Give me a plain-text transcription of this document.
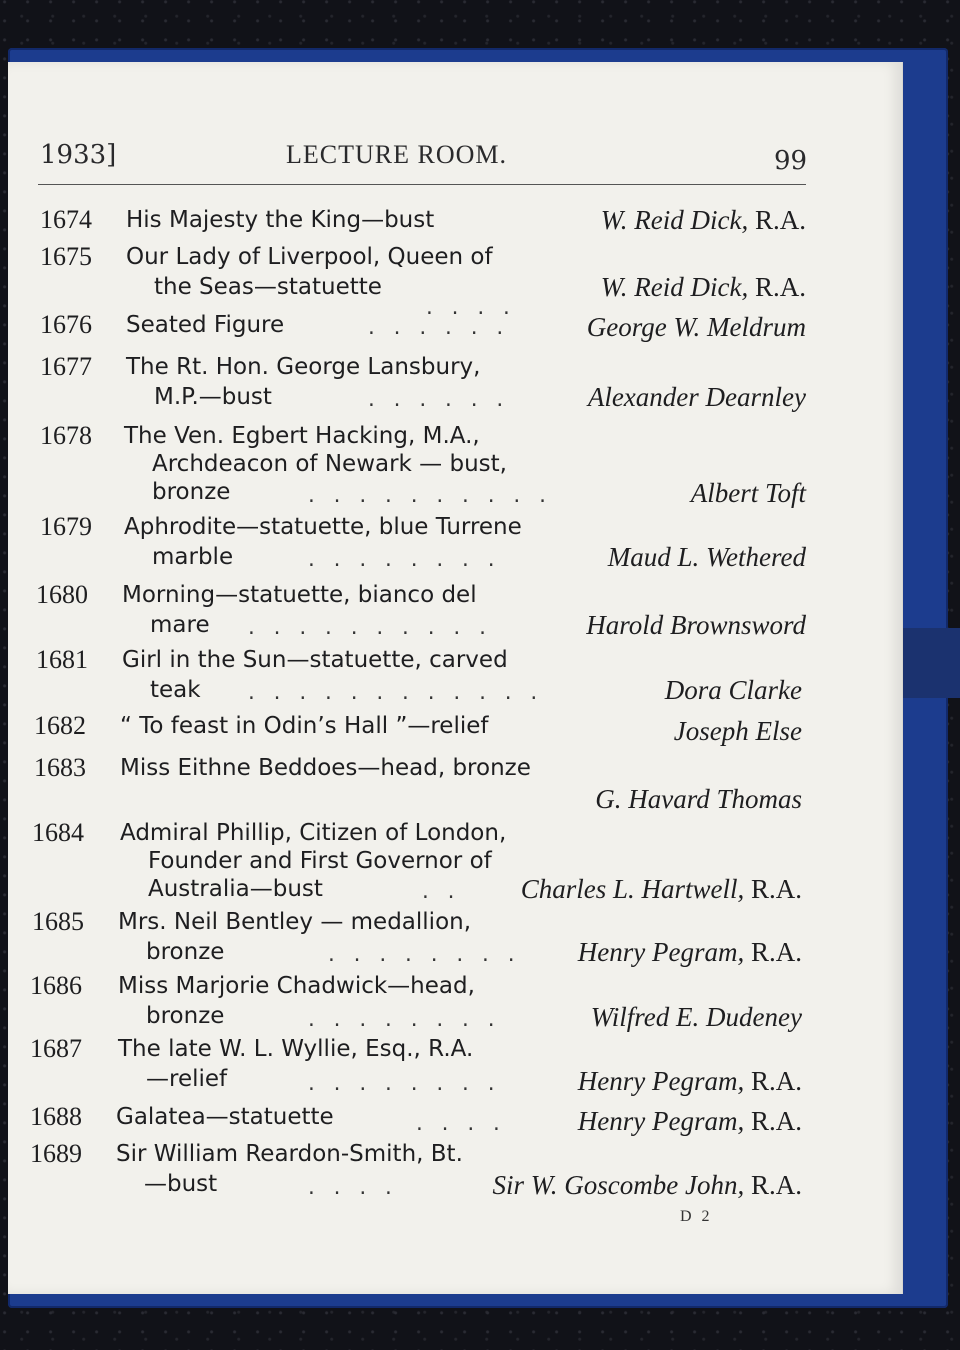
1933]	LECTURE ROOM.	99
1674 His Majesty the King—bust	W. Reid Dick, R.A.
1675 Our Lady of Liverpool, Queen of
the Seas—statuette
. . . .
W. Reid Dick, R.A.
1676 Seated Figure	. . . . . .	George W. Meldrum
1677 The Rt. Hon. George Lansbury,
M.P.—bust	. . . . . .	Alexander Dearnley
1678 The Ven. Egbert Hacking, M.A.,
Archdeacon of Newark — bust,
bronze	. . . . . . . . . .	Albert Toft
1679 Aphrodite—statuette, blue Turrene
marble	. . . . . . . .	Maud L. Wethered
1680 Morning—statuette, bianco del
mare . . . . . . . . . .	Harold Brownsword
1681 Girl in the Sun—statuette, carved
teak	. . . . . . . . . . . .	Dora Clarke
1682 “ To feast in Odin’s Hall ”—relief	Joseph Else
1683 Miss Eithne Beddoes—head, bronze
G. Havard Thomas
1684 Admiral Phillip, Citizen of London,
Founder and First Governor of
Australia—bust	. . Charles L. Hartwell, R.A.
1685 Mrs. Neil Bentley — medallion,
bronze	. . . . . . . . Henry Pegram, R.A.
1686 Miss Marjorie Chadwick—head,
bronze	. . . . . . . .	Wilfred E. Dudeney
1687 The late W. L. Wyllie, Esq., R.A.
—relief	. . . . . . . .	Henry Pegram, R.A.
1688 Galatea—statuette	. . . .	Henry Pegram, R.A.
1689 Sir William Reardon-Smith, Bt.
—bust	. . . .	Sir W. Goscombe John, R.A.
D 2
